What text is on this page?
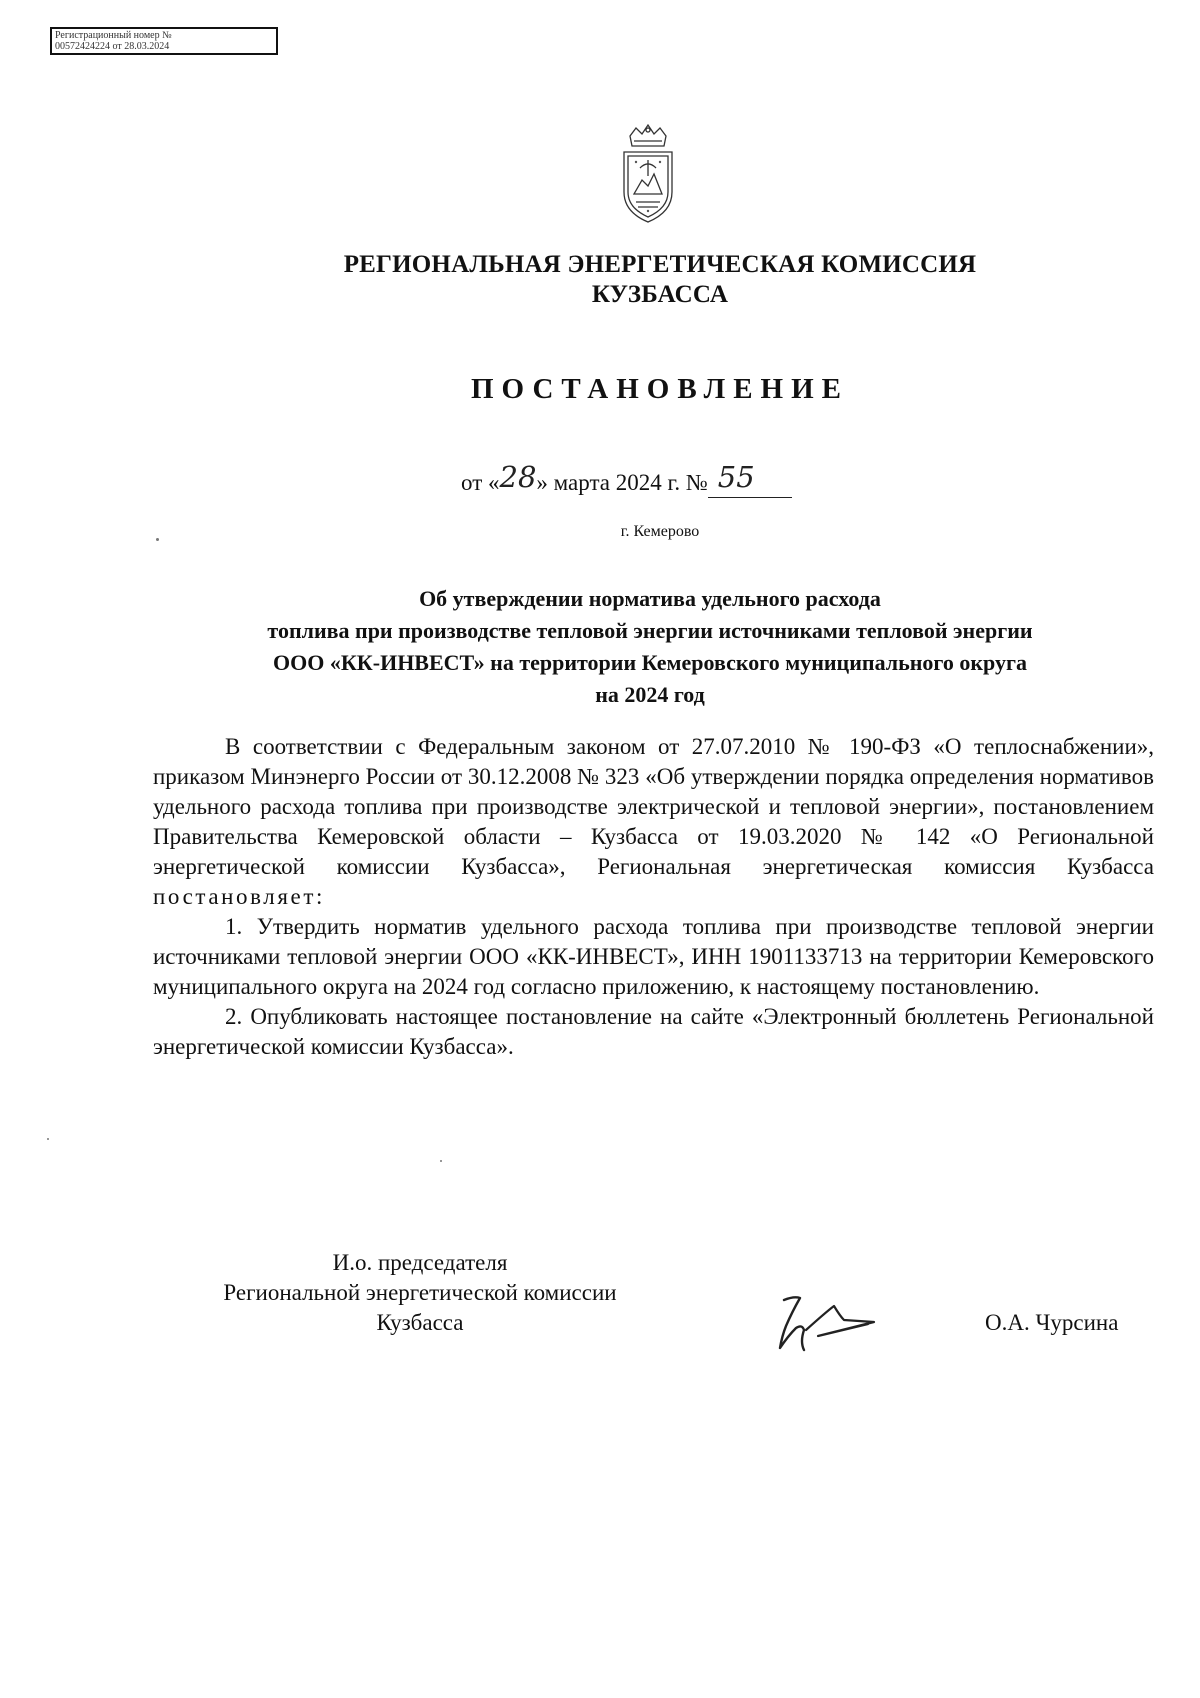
Регистрационный номер №
00572424224 от 28.03.2024
РЕГИОНАЛЬНАЯ ЭНЕРГЕТИЧЕСКАЯ КОМИССИЯ
КУЗБАССА
ПОСТАНОВЛЕНИЕ
от «28» марта 2024 г. № 55
г. Кемерово
Об утверждении норматива удельного расхода
топлива при производстве тепловой энергии источниками тепловой энергии
ООО «КК-ИНВЕСТ» на территории Кемеровского муниципального округа
на 2024 год

В соответствии с Федеральным законом от 27.07.2010 № 190-ФЗ «О теплоснабжении», приказом Минэнерго России от 30.12.2008 № 323 «Об утверждении порядка определения нормативов удельного расхода топлива при производстве электрической и тепловой энергии», постановлением Правительства Кемеровской области – Кузбасса от 19.03.2020 № 142 «О Региональной энергетической комиссии Кузбасса», Региональная энергетическая комиссия Кузбасса постановляет:

1. Утвердить норматив удельного расхода топлива при производстве тепловой энергии источниками тепловой энергии ООО «КК-ИНВЕСТ», ИНН 1901133713 на территории Кемеровского муниципального округа на 2024 год согласно приложению, к настоящему постановлению.

2. Опубликовать настоящее постановление на сайте «Электронный бюллетень Региональной энергетической комиссии Кузбасса».

И.о. председателя
Региональной энергетической комиссии
Кузбасса	О.А. Чурсина
